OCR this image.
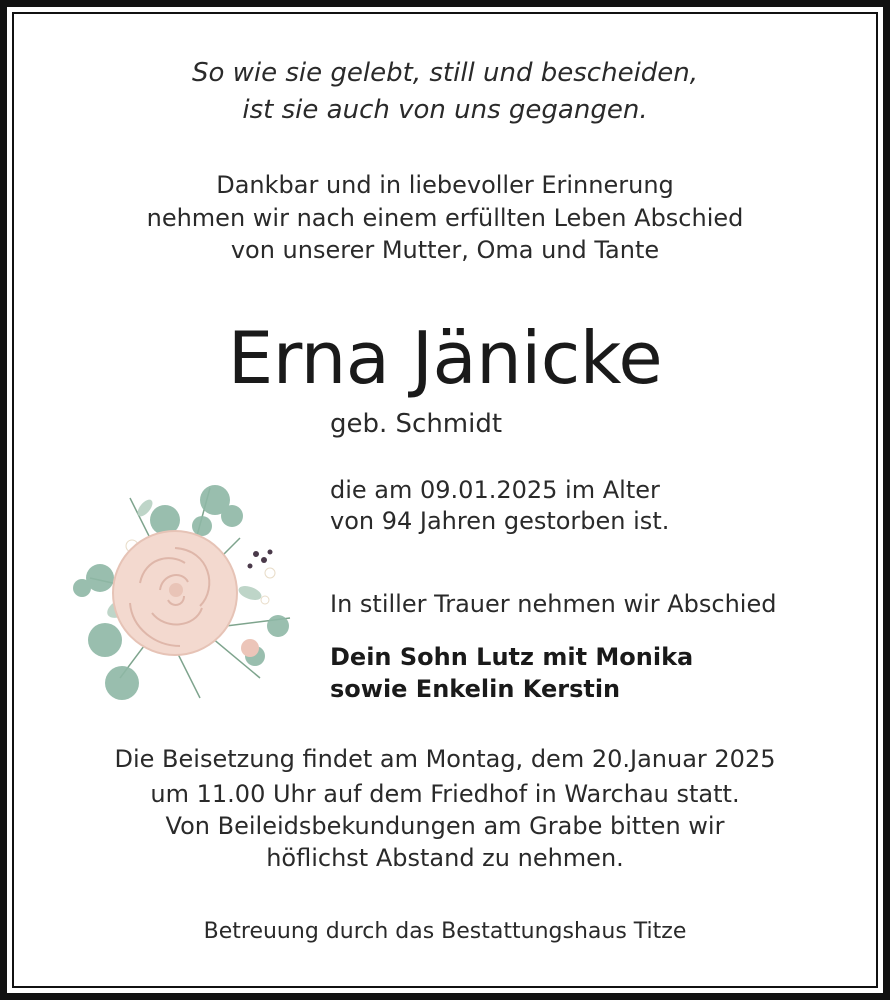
So wie sie gelebt, still und bescheiden,
ist sie auch von uns gegangen.
Dankbar und in liebevoller Erinnerung
nehmen wir nach einem erfüllten Leben Abschied
von unserer Mutter, Oma und Tante
Erna Jänicke
geb. Schmidt
die am 09.01.2025 im Alter
von 94 Jahren gestorben ist.
In stiller Trauer nehmen wir Abschied
Dein Sohn Lutz mit Monika
sowie Enkelin Kerstin
Die Beisetzung findet am Montag, dem 20.Januar 2025
um 11.00 Uhr auf dem Friedhof in Warchau statt.
Von Beileidsbekundungen am Grabe bitten wir
höflichst Abstand zu nehmen.
Betreuung durch das Bestattungshaus Titze
